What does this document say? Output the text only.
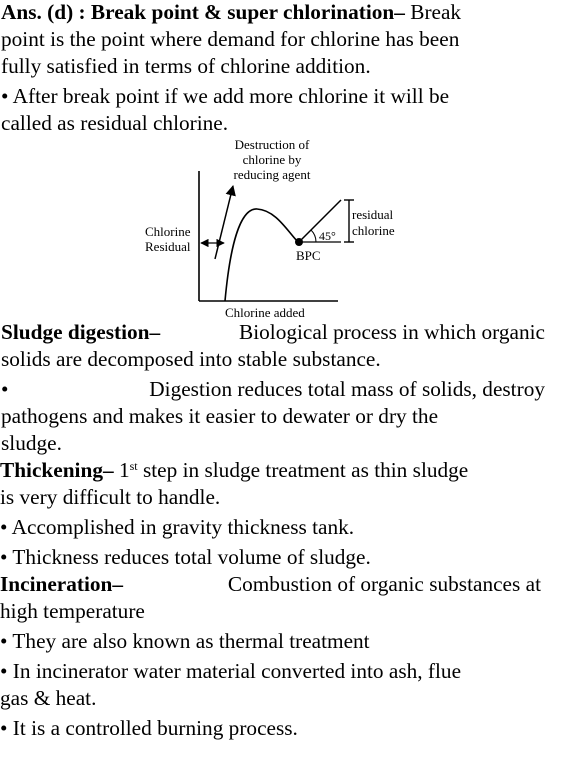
Ans. (d) : Break point & super chlorination– Break
point is the point where demand for chlorine has been
fully satisfied in terms of chlorine addition.
• After break point if we add more chlorine it will be
called as residual chlorine.
Destruction of
chlorine by
reducing agent
Chlorine
Residual
residual
chlorine
45°
BPC
Chlorine added
Sludge digestion–	Biological process in which organic
solids are decomposed into stable substance.
•	Digestion reduces total mass of solids, destroy
pathogens and makes it easier to dewater or dry the
sludge.
Thickening– 1st step in sludge treatment as thin sludge
is very difficult to handle.
• Accomplished in gravity thickness tank.
• Thickness reduces total volume of sludge.
Incineration–	Combustion of organic substances at
high temperature
• They are also known as thermal treatment
• In incinerator water material converted into ash, flue
gas & heat.
• It is a controlled burning process.
